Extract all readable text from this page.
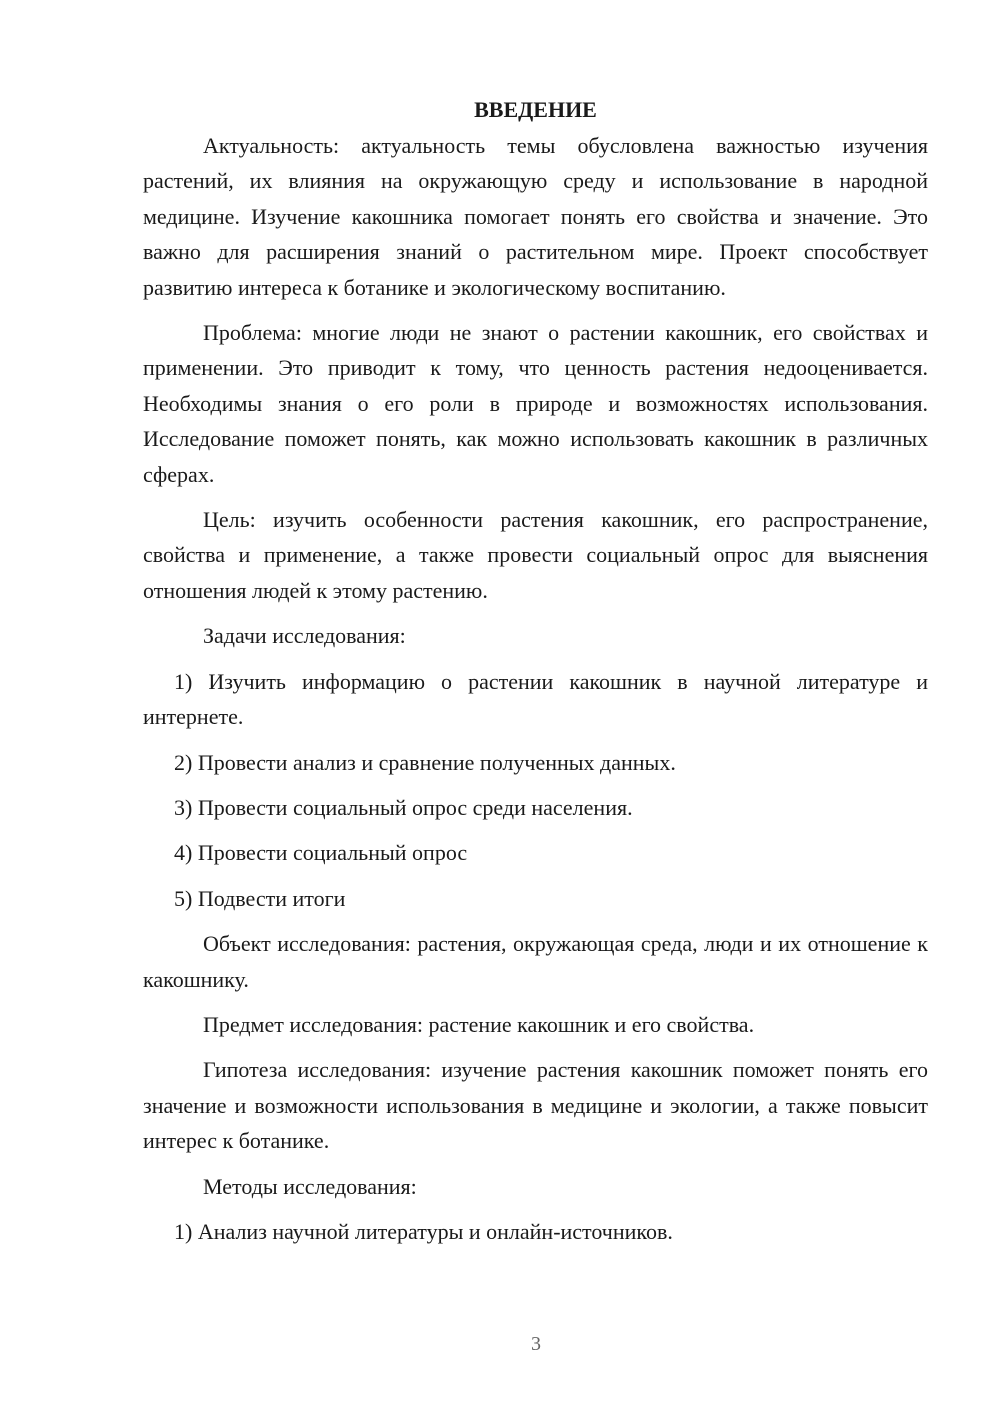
ВВЕДЕНИЕ

Актуальность: актуальность темы обусловлена важностью изучения растений, их влияния на окружающую среду и использование в народной медицине. Изучение какошника помогает понять его свойства и значение. Это важно для расширения знаний о растительном мире. Проект способствует развитию интереса к ботанике и экологическому воспитанию.

Проблема: многие люди не знают о растении какошник, его свойствах и применении. Это приводит к тому, что ценность растения недооценивается. Необходимы знания о его роли в природе и возможностях использования. Исследование поможет понять, как можно использовать какошник в различных сферах.

Цель: изучить особенности растения какошник, его распространение, свойства и применение, а также провести социальный опрос для выяснения отношения людей к этому растению.

Задачи исследования:

1) Изучить информацию о растении какошник в научной литературе и интернете.

2) Провести анализ и сравнение полученных данных.

3) Провести социальный опрос среди населения.

4) Провести социальный опрос

5) Подвести итоги

Объект исследования: растения, окружающая среда, люди и их отношение к какошнику.

Предмет исследования: растение какошник и его свойства.

Гипотеза исследования: изучение растения какошник поможет понять его значение и возможности использования в медицине и экологии, а также повысит интерес к ботанике.

Методы исследования:

1) Анализ научной литературы и онлайн-источников.

3
